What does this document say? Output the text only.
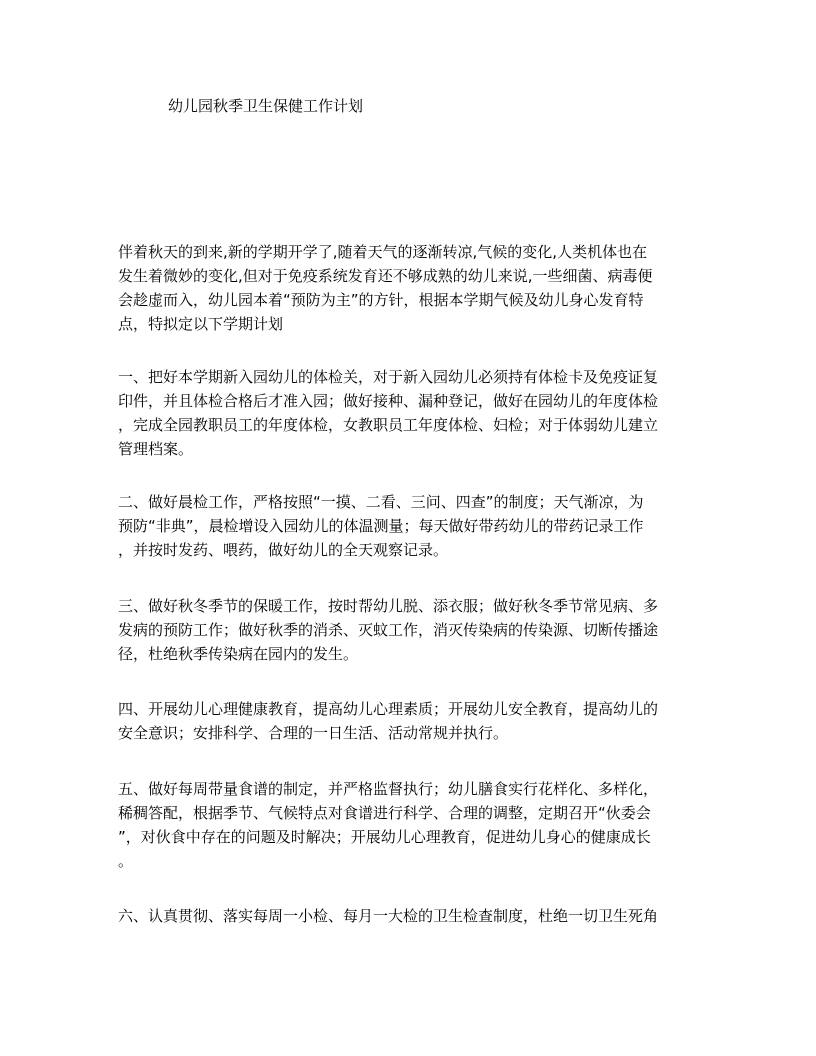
幼儿园秋季卫生保健工作计划
伴着秋天的到来,新的学期开学了,随着天气的逐渐转凉,气候的变化,人类机体也在
发生着微妙的变化,但对于免疫系统发育还不够成熟的幼儿来说,一些细菌、病毒便
会趁虚而入，幼儿园本着“预防为主”的方针，根据本学期气候及幼儿身心发育特
点，特拟定以下学期计划
一、把好本学期新入园幼儿的体检关，对于新入园幼儿必须持有体检卡及免疫证复
印件，并且体检合格后才准入园；做好接种、漏种登记，做好在园幼儿的年度体检
，完成全园教职员工的年度体检，女教职员工年度体检、妇检；对于体弱幼儿建立
管理档案。
二、做好晨检工作，严格按照“一摸、二看、三问、四查”的制度；天气渐凉，为
预防“非典”，晨检增设入园幼儿的体温测量；每天做好带药幼儿的带药记录工作
，并按时发药、喂药，做好幼儿的全天观察记录。
三、做好秋冬季节的保暖工作，按时帮幼儿脱、添衣服；做好秋冬季节常见病、多
发病的预防工作；做好秋季的消杀、灭蚊工作，消灭传染病的传染源、切断传播途
径，杜绝秋季传染病在园内的发生。
四、开展幼儿心理健康教育，提高幼儿心理素质；开展幼儿安全教育，提高幼儿的
安全意识；安排科学、合理的一日生活、活动常规并执行。
五、做好每周带量食谱的制定，并严格监督执行；幼儿膳食实行花样化、多样化，
稀稠答配，根据季节、气候特点对食谱进行科学、合理的调整，定期召开“伙委会
”，对伙食中存在的问题及时解决；开展幼儿心理教育，促进幼儿身心的健康成长
。
六、认真贯彻、落实每周一小检、每月一大检的卫生检查制度，杜绝一切卫生死角
